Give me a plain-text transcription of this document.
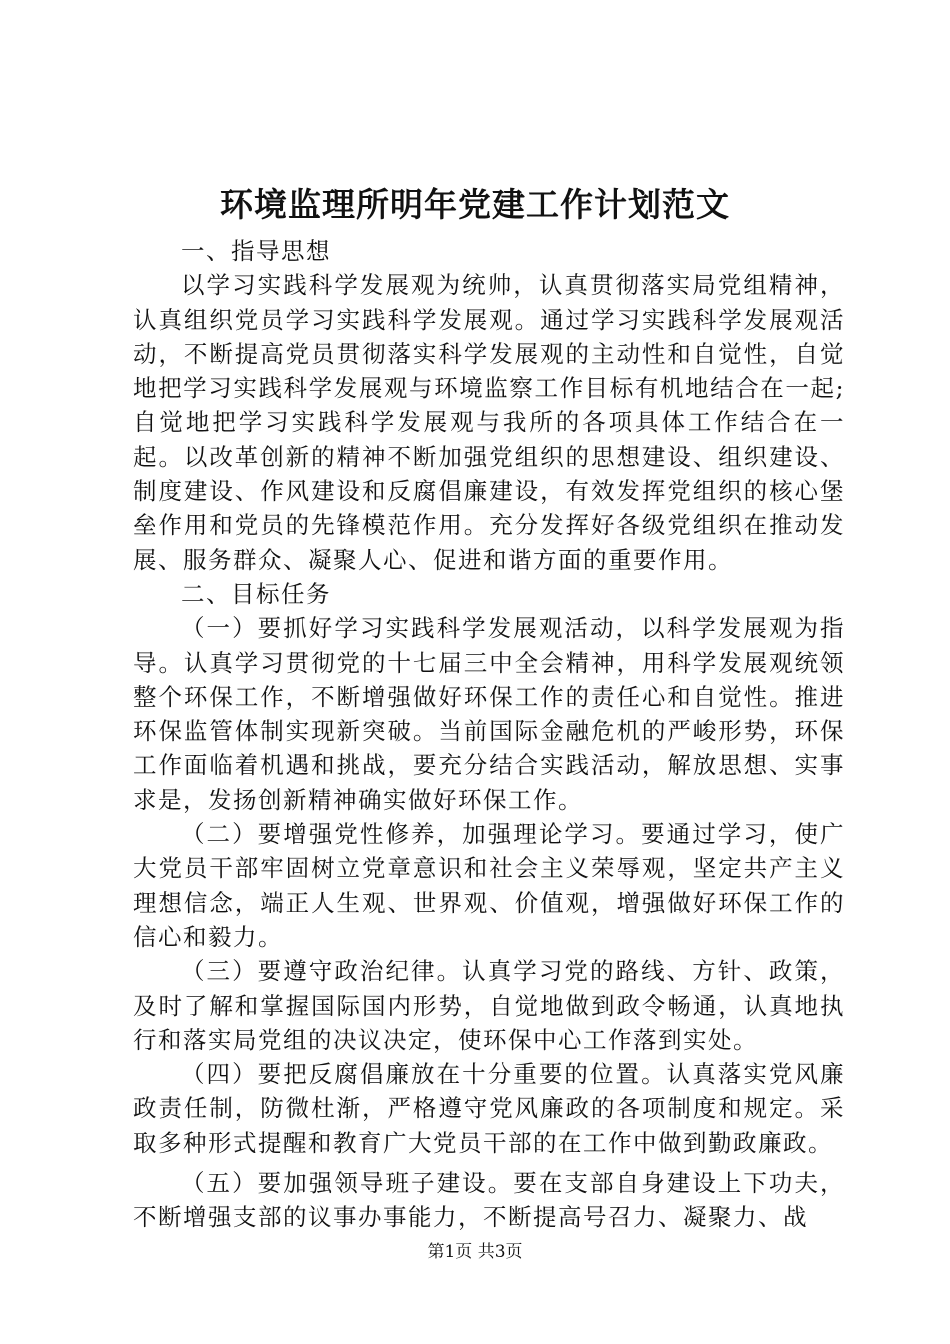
环境监理所明年党建工作计划范文

一、指导思想

以学习实践科学发展观为统帅，认真贯彻落实局党组精神，认真组织党员学习实践科学发展观。通过学习实践科学发展观活动，不断提高党员贯彻落实科学发展观的主动性和自觉性，自觉地把学习实践科学发展观与环境监察工作目标有机地结合在一起;自觉地把学习实践科学发展观与我所的各项具体工作结合在一起。以改革创新的精神不断加强党组织的思想建设、组织建设、制度建设、作风建设和反腐倡廉建设，有效发挥党组织的核心堡垒作用和党员的先锋模范作用。充分发挥好各级党组织在推动发展、服务群众、凝聚人心、促进和谐方面的重要作用。

二、目标任务

（一）要抓好学习实践科学发展观活动，以科学发展观为指导。认真学习贯彻党的十七届三中全会精神，用科学发展观统领整个环保工作，不断增强做好环保工作的责任心和自觉性。推进环保监管体制实现新突破。当前国际金融危机的严峻形势，环保工作面临着机遇和挑战，要充分结合实践活动，解放思想、实事求是，发扬创新精神确实做好环保工作。

（二）要增强党性修养，加强理论学习。要通过学习，使广大党员干部牢固树立党章意识和社会主义荣辱观，坚定共产主义理想信念，端正人生观、世界观、价值观，增强做好环保工作的信心和毅力。

（三）要遵守政治纪律。认真学习党的路线、方针、政策，及时了解和掌握国际国内形势，自觉地做到政令畅通，认真地执行和落实局党组的决议决定，使环保中心工作落到实处。

（四）要把反腐倡廉放在十分重要的位置。认真落实党风廉政责任制，防微杜渐，严格遵守党风廉政的各项制度和规定。采取多种形式提醒和教育广大党员干部的在工作中做到勤政廉政。

（五）要加强领导班子建设。要在支部自身建设上下功夫，不断增强支部的议事办事能力，不断提高号召力、凝聚力、战

第1页 共3页
